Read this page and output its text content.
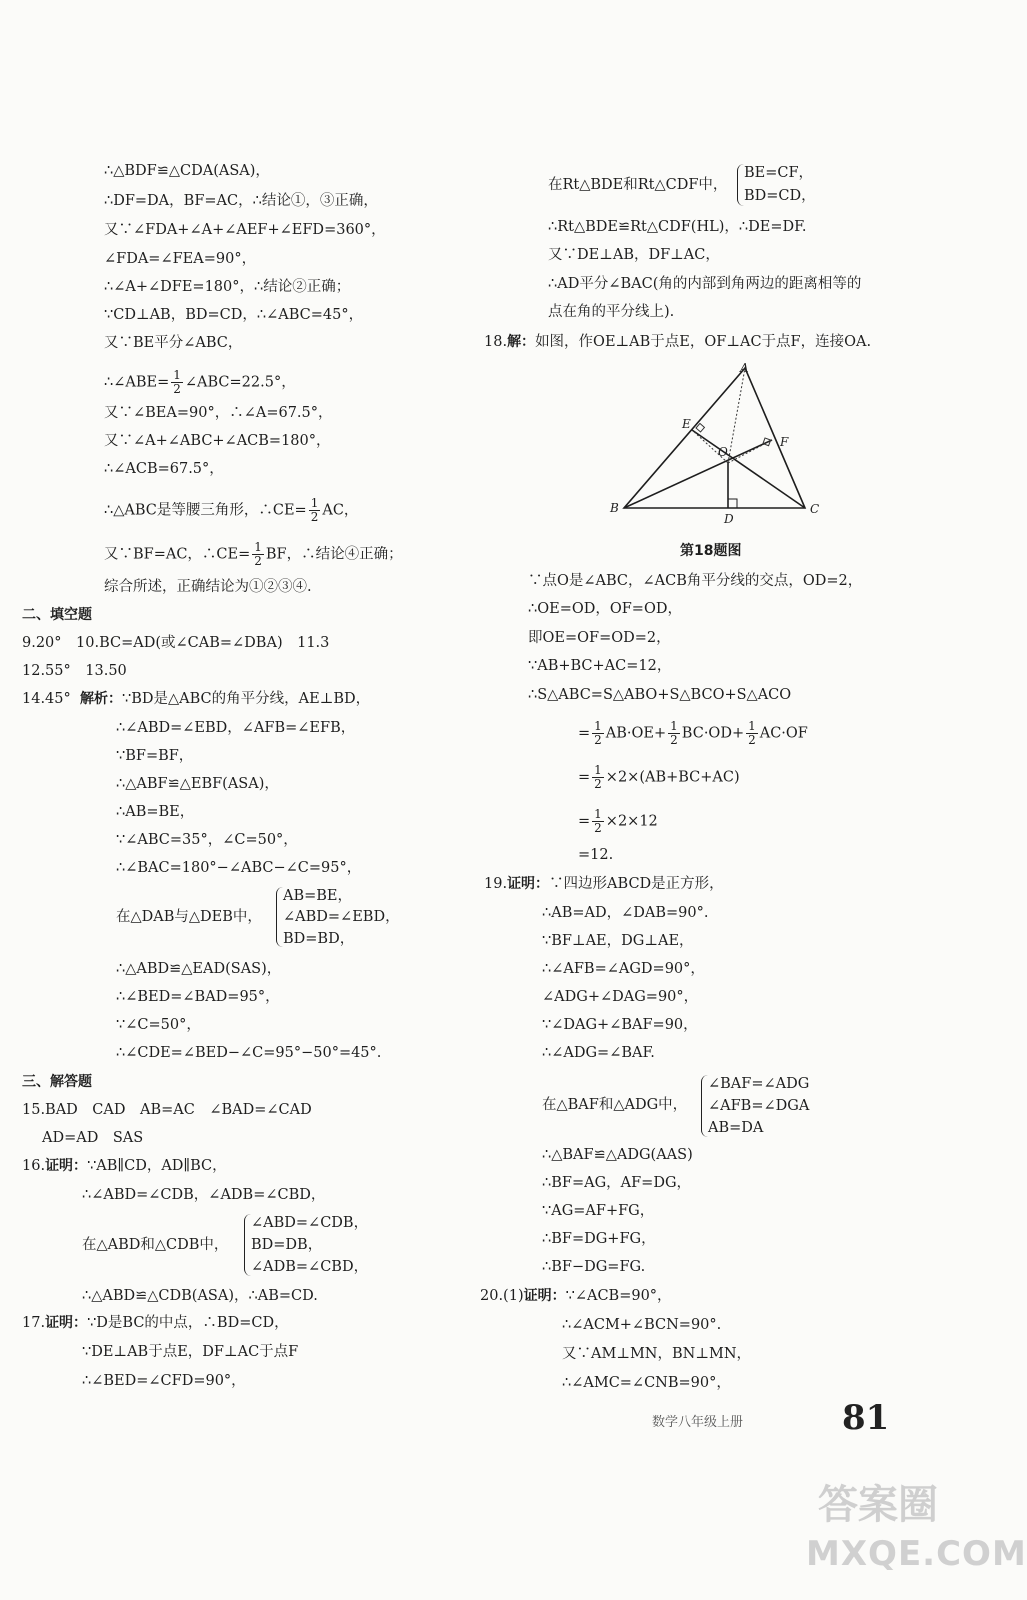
∴△BDF≌△CDA(ASA)，
∴DF=DA，BF=AC，∴结论①，③正确，
又∵∠FDA+∠A+∠AEF+∠EFD=360°，
∠FDA=∠FEA=90°，
∴∠A+∠DFE=180°，∴结论②正确；
∵CD⊥AB，BD=CD，∴∠ABC=45°，
又∵BE平分∠ABC，
∴∠ABE= $\frac{1}{2}$ ∠ABC=22.5°，
又∵∠BEA=90°，∴∠A=67.5°，
又∵∠A+∠ABC+∠ACB=180°，
∴∠ACB=67.5°，
∴△ABC是等腰三角形，∴CE= $\frac{1}{2}$ AC，
又∵BF=AC，∴CE= $\frac{1}{2}$ BF，∴结论④正确；
综合所述，正确结论为①②③④.
二、填空题
9.20°　10.BC=AD(或∠CAB=∠DBA)　11.3
12.55°　13.50
14.45° 解析：∵BD是△ABC的角平分线，AE⊥BD，
∴∠ABD=∠EBD，∠AFB=∠EFB，
∵BF=BF，
∴△ABF≌△EBF(ASA)，
∴AB=BE，
∵∠ABC=35°，∠C=50°，
∴∠BAC=180°−∠ABC−∠C=95°，
在△DAB与△DEB中，
AB=BE，
∠ABD=∠EBD，
BD=BD，
∴△ABD≌△EAD(SAS)，
∴∠BED=∠BAD=95°，
∵∠C=50°，
∴∠CDE=∠BED−∠C=95°−50°=45°.
三、解答题
15.BAD　CAD　AB=AC　∠BAD=∠CAD
AD=AD　SAS
16.证明：∵AB∥CD，AD∥BC，
∴∠ABD=∠CDB，∠ADB=∠CBD，
在△ABD和△CDB中，
∠ABD=∠CDB，
BD=DB，
∠ADB=∠CBD，
∴△ABD≌△CDB(ASA)，∴AB=CD.
17.证明：∵D是BC的中点，∴BD=CD，
∵DE⊥AB于点E，DF⊥AC于点F
∴∠BED=∠CFD=90°，
在Rt△BDE和Rt△CDF中，
BE=CF，
BD=CD，
∴Rt△BDE≌Rt△CDF(HL)，∴DE=DF.
又∵DE⊥AB，DF⊥AC，
∴AD平分∠BAC(角的内部到角两边的距离相等的
点在角的平分线上).
18.解：如图，作OE⊥AB于点E，OF⊥AC于点F，连接OA.
A
B	C
D
E
F
O
第18题图
∵点O是∠ABC，∠ACB角平分线的交点，OD=2，
∴OE=OD，OF=OD，
即OE=OF=OD=2，
∵AB+BC+AC=12，
∴S△ABC=S△ABO+S△BCO+S△ACO
= $\frac{1}{2} AB\cdot OE+ \frac{1}{2} BC\cdot OD+ \frac{1}{2} AC\cdot OF$
= $\frac{1}{2} \times 2\times(AB+BC+AC)$
= $\frac{1}{2} \times 2\times 12$
=12.
19.证明：∵四边形ABCD是正方形，
∴AB=AD，∠DAB=90°.
∵BF⊥AE，DG⊥AE，
∴∠AFB=∠AGD=90°，
∠ADG+∠DAG=90°，
∵∠DAG+∠BAF=90，
∴∠ADG=∠BAF.
在△BAF和△ADG中，
∠BAF=∠ADG
∠AFB=∠DGA
AB=DA
∴△BAF≌△ADG(AAS)
∴BF=AG，AF=DG，
∵AG=AF+FG，
∴BF=DG+FG，
∴BF−DG=FG.
20.(1)证明：∵∠ACB=90°，
∴∠ACM+∠BCN=90°.
又∵AM⊥MN，BN⊥MN，
∴∠AMC=∠CNB=90°，
数学八年级上册	81
答案圈
MXQE.COM
